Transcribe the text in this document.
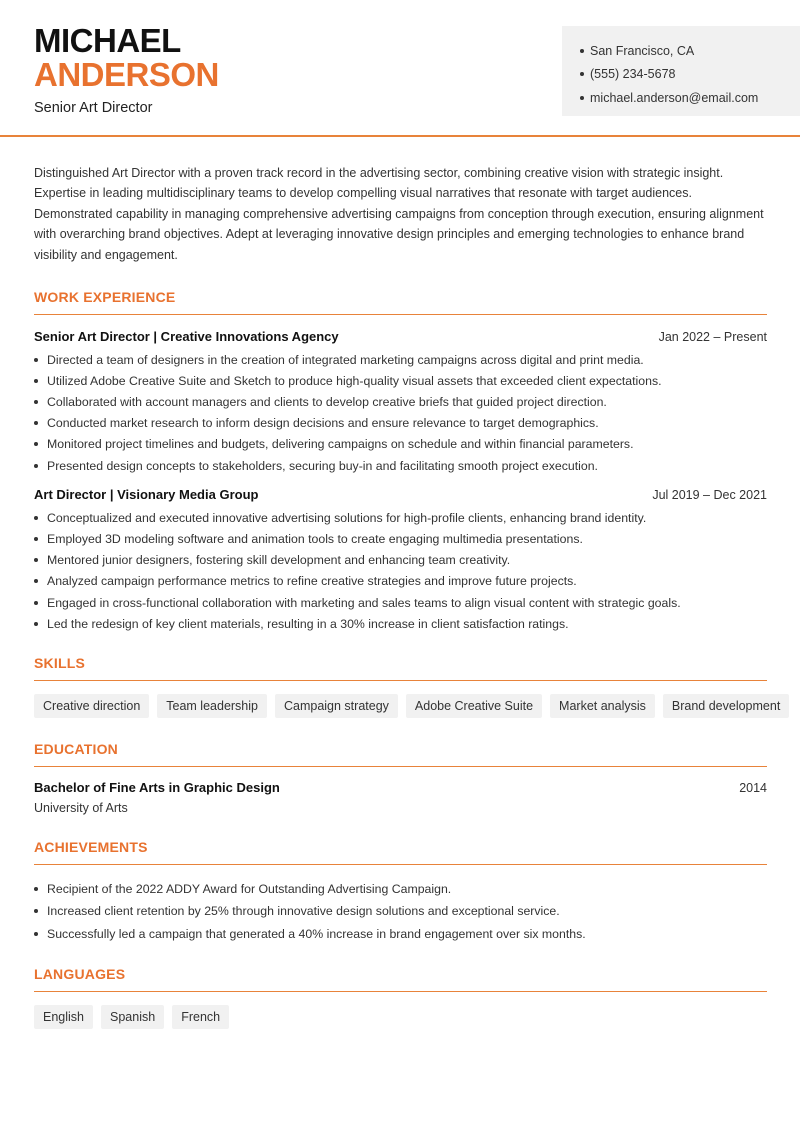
MICHAEL
ANDERSON
Senior Art Director
San Francisco, CA
(555) 234-5678
michael.anderson@email.com

Distinguished Art Director with a proven track record in the advertising sector, combining creative vision with strategic insight. Expertise in leading multidisciplinary teams to develop compelling visual narratives that resonate with target audiences. Demonstrated capability in managing comprehensive advertising campaigns from conception through execution, ensuring alignment with overarching brand objectives. Adept at leveraging innovative design principles and emerging technologies to enhance brand visibility and engagement.

WORK EXPERIENCE
Senior Art Director | Creative Innovations Agency	Jan 2022 – Present
Directed a team of designers in the creation of integrated marketing campaigns across digital and print media.
Utilized Adobe Creative Suite and Sketch to produce high-quality visual assets that exceeded client expectations.
Collaborated with account managers and clients to develop creative briefs that guided project direction.
Conducted market research to inform design decisions and ensure relevance to target demographics.
Monitored project timelines and budgets, delivering campaigns on schedule and within financial parameters.
Presented design concepts to stakeholders, securing buy-in and facilitating smooth project execution.
Art Director | Visionary Media Group	Jul 2019 – Dec 2021
Conceptualized and executed innovative advertising solutions for high-profile clients, enhancing brand identity.
Employed 3D modeling software and animation tools to create engaging multimedia presentations.
Mentored junior designers, fostering skill development and enhancing team creativity.
Analyzed campaign performance metrics to refine creative strategies and improve future projects.
Engaged in cross-functional collaboration with marketing and sales teams to align visual content with strategic goals.
Led the redesign of key client materials, resulting in a 30% increase in client satisfaction ratings.
SKILLS
Creative direction	Team leadership	Campaign strategy	Adobe Creative Suite	Market analysis	Brand development
EDUCATION
Bachelor of Fine Arts in Graphic Design	2014
University of Arts
ACHIEVEMENTS
Recipient of the 2022 ADDY Award for Outstanding Advertising Campaign.
Increased client retention by 25% through innovative design solutions and exceptional service.
Successfully led a campaign that generated a 40% increase in brand engagement over six months.
LANGUAGES
English	Spanish	French
